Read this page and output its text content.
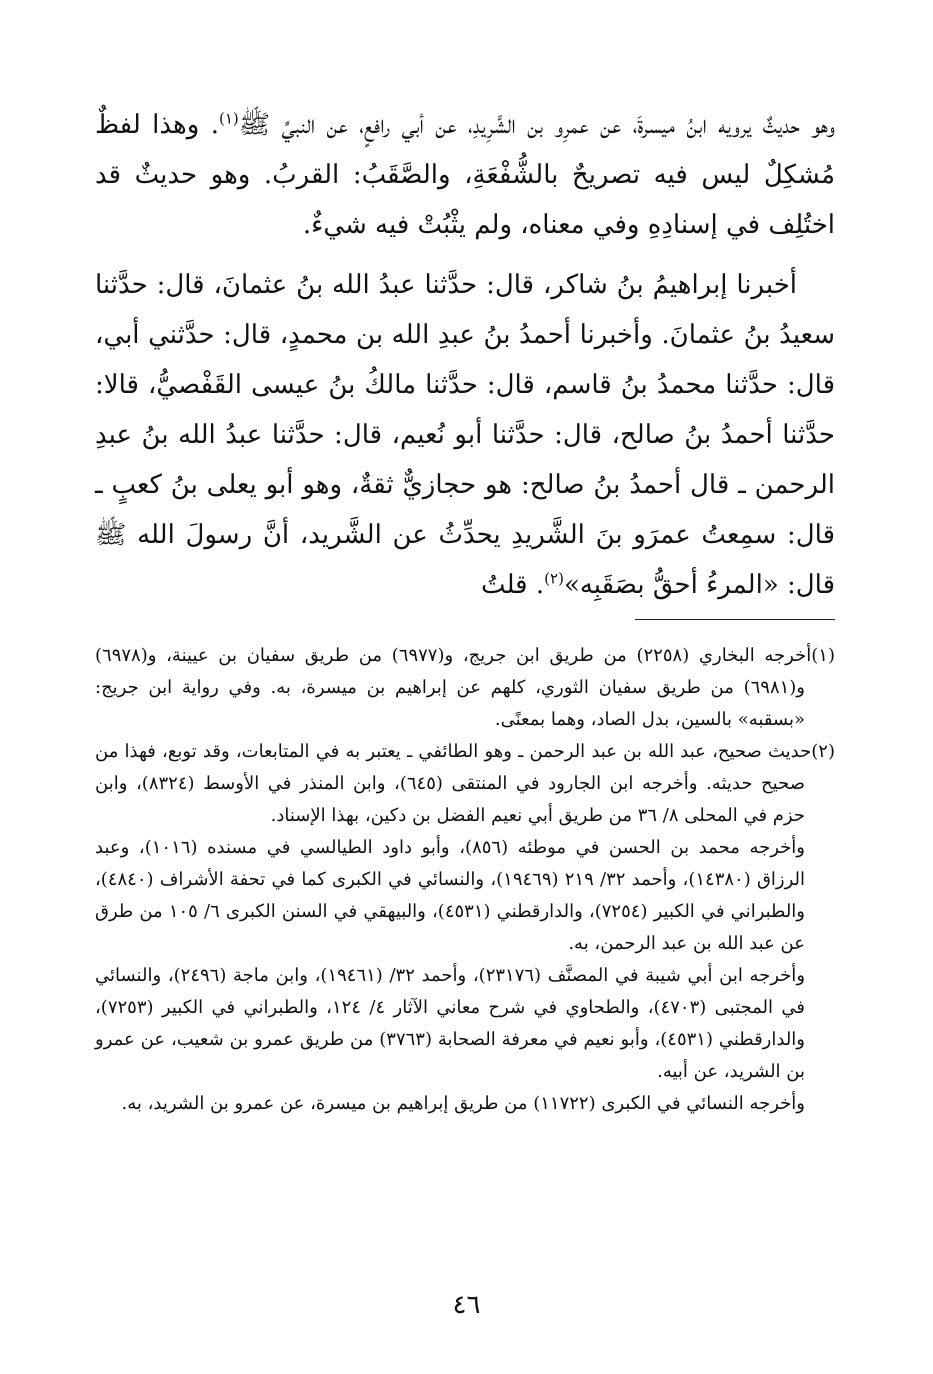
وهو حديثٌ يرويه ابنُ ميسرةَ، عن عمرِو بن الشَّرِيدِ، عن أبي رافعٍ، عن النبيِّ ﷺ$^{(١)}$. وهذا لفظٌ مُشكِلٌ ليس فيه تصريحٌ بالشُّفْعَةِ، والصَّقَبُ: القربُ. وهو حديثٌ قد اختُلِف في إسنادِهِ وفي معناه، ولم يثْبُتْ فيه شيءٌ.

أخبرنا إبراهيمُ بنُ شاكر، قال: حدَّثنا عبدُ الله بنُ عثمانَ، قال: حدَّثنا سعيدُ بنُ عثمانَ. وأخبرنا أحمدُ بنُ عبدِ الله بن محمدٍ، قال: حدَّثني أبي، قال: حدَّثنا محمدُ بنُ قاسم، قال: حدَّثنا مالكُ بنُ عيسى القَفْصيُّ، قالا: حدَّثنا أحمدُ بنُ صالح، قال: حدَّثنا أبو نُعيم، قال: حدَّثنا عبدُ الله بنُ عبدِ الرحمن ـ قال أحمدُ بنُ صالح: هو حجازيٌّ ثقةٌ، وهو أبو يعلى بنُ كعبٍ ـ قال: سمِعتُ عمرَو بنَ الشَّريدِ يحدِّثُ عن الشَّريد، أنَّ رسولَ الله ﷺ قال: «المرءُ أحقُّ بصَقَبِه»$^{(٢)}$. قلتُ

(١)أخرجه البخاري (٢٢٥٨) من طريق ابن جريج، و(٦٩٧٧) من طريق سفيان بن عيينة، و(٦٩٧٨) و(٦٩٨١) من طريق سفيان الثوري، كلهم عن إبراهيم بن ميسرة، به. وفي رواية ابن جريج: «بسقبه» بالسين، بدل الصاد، وهما بمعنًى.

(٢)حديث صحيح، عبد الله بن عبد الرحمن ـ وهو الطائفي ـ يعتبر به في المتابعات، وقد توبع، فهذا من صحيح حديثه. وأخرجه ابن الجارود في المنتقى (٦٤٥)، وابن المنذر في الأوسط (٨٣٢٤)، وابن حزم في المحلى ٨/ ٣٦ من طريق أبي نعيم الفضل بن دكين، بهذا الإسناد.

وأخرجه محمد بن الحسن في موطئه (٨٥٦)، وأبو داود الطيالسي في مسنده (١٠١٦)، وعبد الرزاق (١٤٣٨٠)، وأحمد ٣٢/ ٢١٩ (١٩٤٦٩)، والنسائي في الكبرى كما في تحفة الأشراف (٤٨٤٠)، والطبراني في الكبير (٧٢٥٤)، والدارقطني (٤٥٣١)، والبيهقي في السنن الكبرى ٦/ ١٠٥ من طرق عن عبد الله بن عبد الرحمن، به.

وأخرجه ابن أبي شيبة في المصنَّف (٢٣١٧٦)، وأحمد ٣٢/ (١٩٤٦١)، وابن ماجة (٢٤٩٦)، والنسائي في المجتبى (٤٧٠٣)، والطحاوي في شرح معاني الآثار ٤/ ١٢٤، والطبراني في الكبير (٧٢٥٣)، والدارقطني (٤٥٣١)، وأبو نعيم في معرفة الصحابة (٣٧٦٣) من طريق عمرو بن شعيب، عن عمرو بن الشريد، عن أبيه.

وأخرجه النسائي في الكبرى (١١٧٢٢) من طريق إبراهيم بن ميسرة، عن عمرو بن الشريد، به.

٤٦
